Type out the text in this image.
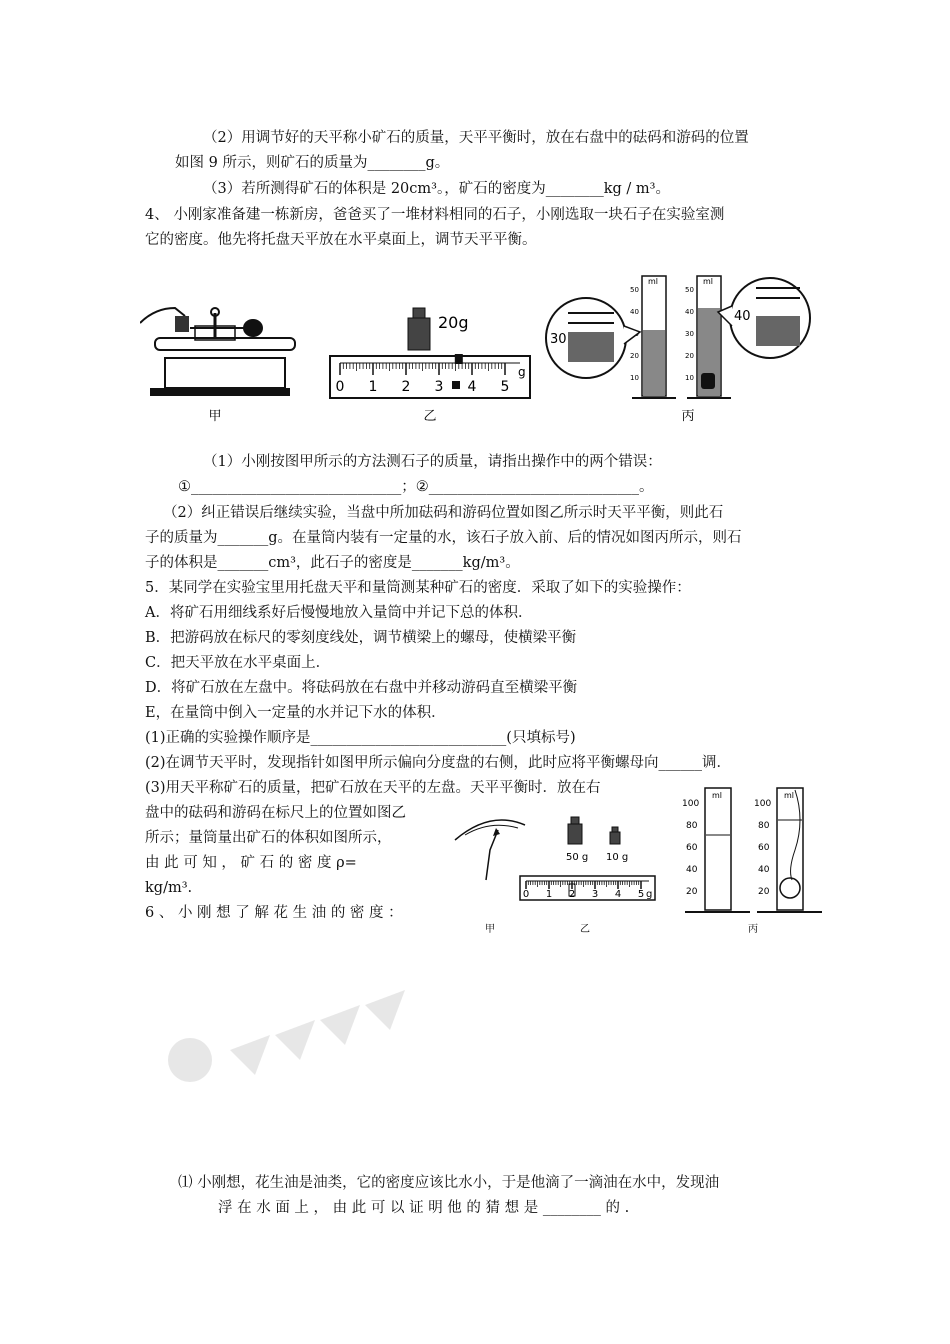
（2）用调节好的天平称小矿石的质量，天平平衡时，放在右盘中的砝码和游码的位置
如图 9 所示，则矿石的质量为________g。
（3）若所测得矿石的体积是 20cm³。，矿石的密度为________kg / m³。
4、 小刚家准备建一栋新房，爸爸买了一堆材料相同的石子，小刚选取一块石子在实验室测
它的密度。他先将托盘天平放在水平桌面上，调节天平平衡。
甲
20g
0 1 2 3 4 5
g
乙
ml	ml
50
40
20
10
50
40
30
20
10
30
40
丙
（1）小刚按图甲所示的方法测石子的质量，请指出操作中的两个错误：
①_____________________________；②_____________________________。
（2）纠正错误后继续实验，当盘中所加砝码和游码位置如图乙所示时天平平衡，则此石
子的质量为_______g。在量筒内装有一定量的水，该石子放入前、后的情况如图丙所示，则石
子的体积是_______cm³，此石子的密度是_______kg/m³。
5．某同学在实验宝里用托盘天平和量筒测某种矿石的密度．采取了如下的实验操作：
A．将矿石用细线系好后慢慢地放入量筒中并记下总的体积．
B．把游码放在标尺的零刻度线处，调节横梁上的螺母，使横梁平衡
C．把天平放在水平桌面上．
D．将矿石放在左盘中。将砝码放在右盘中并移动游码直至横梁平衡
E，在量筒中倒入一定量的水并记下水的体积．
(1)正确的实验操作顺序是___________________________(只填标号)
(2)在调节天平时，发现指针如图甲所示偏向分度盘的右侧，此时应将平衡螺母向______调．
(3)用天平称矿石的质量，把矿石放在天平的左盘。天平平衡时．放在右
盘中的砝码和游码在标尺上的位置如图乙
所示；量筒量出矿石的体积如图所示，
由 此 可 知 ， 矿 石 的 密 度 ρ=
kg/m³.
6 、 小 刚 想 了 解 花 生 油 的 密 度 ：
甲
50 g 10 g
0 1 2 3 4 5 g
乙
ml	ml
100
80
60
40
20
100
80
60
40
20
丙
⑴ 小刚想，花生油是油类，它的密度应该比水小，于是他滴了一滴油在水中，发现油
浮 在 水 面 上 ， 由 此 可 以 证 明 他 的 猜 想 是 ________ 的 .
